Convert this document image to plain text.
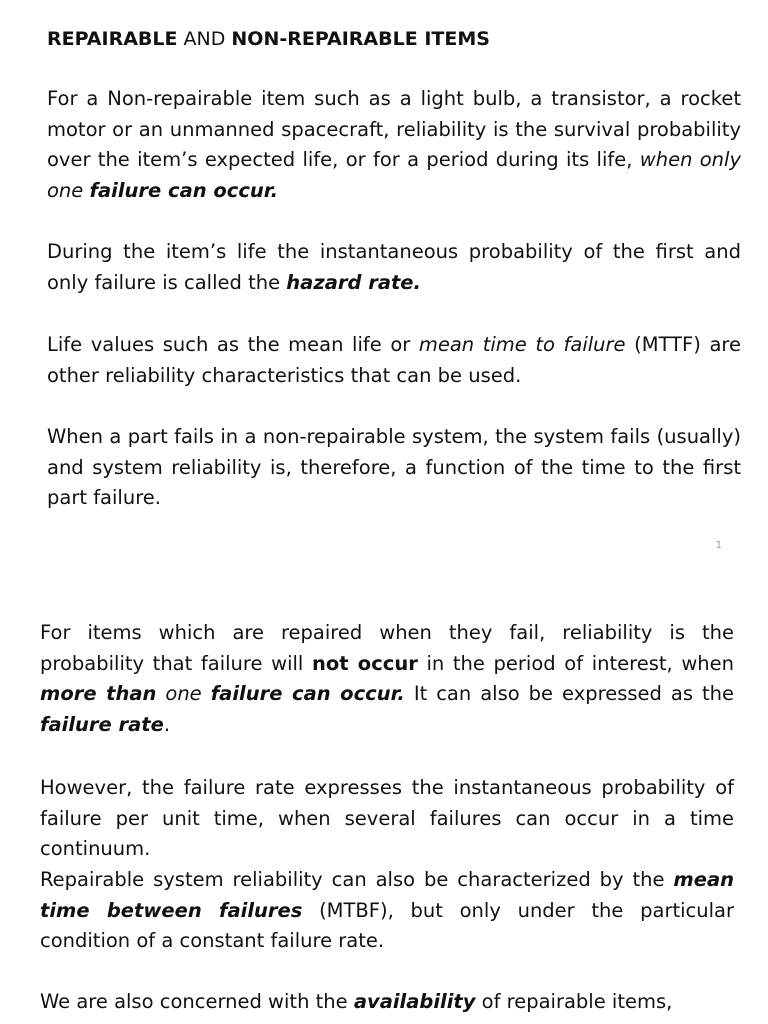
REPAIRABLE AND NON-REPAIRABLE ITEMS

For a Non-repairable item such as a light bulb, a transistor, a rocket motor or an unmanned spacecraft, reliability is the survival probability over the item’s expected life, or for a period during its life, when only one failure can occur.

During the item’s life the instantaneous probability of the first and only failure is called the hazard rate.

Life values such as the mean life or mean time to failure (MTTF) are other reliability characteristics that can be used.

When a part fails in a non-repairable system, the system fails (usually) and system reliability is, therefore, a function of the time to the first part failure.

1

For items which are repaired when they fail, reliability is the probability that failure will not occur in the period of interest, when more than one failure can occur. It can also be expressed as the failure rate.

However, the failure rate expresses the instantaneous probability of failure per unit time, when several failures can occur in a time continuum.

Repairable system reliability can also be characterized by the mean time between failures (MTBF), but only under the particular condition of a constant failure rate.

We are also concerned with the availability of repairable items,
